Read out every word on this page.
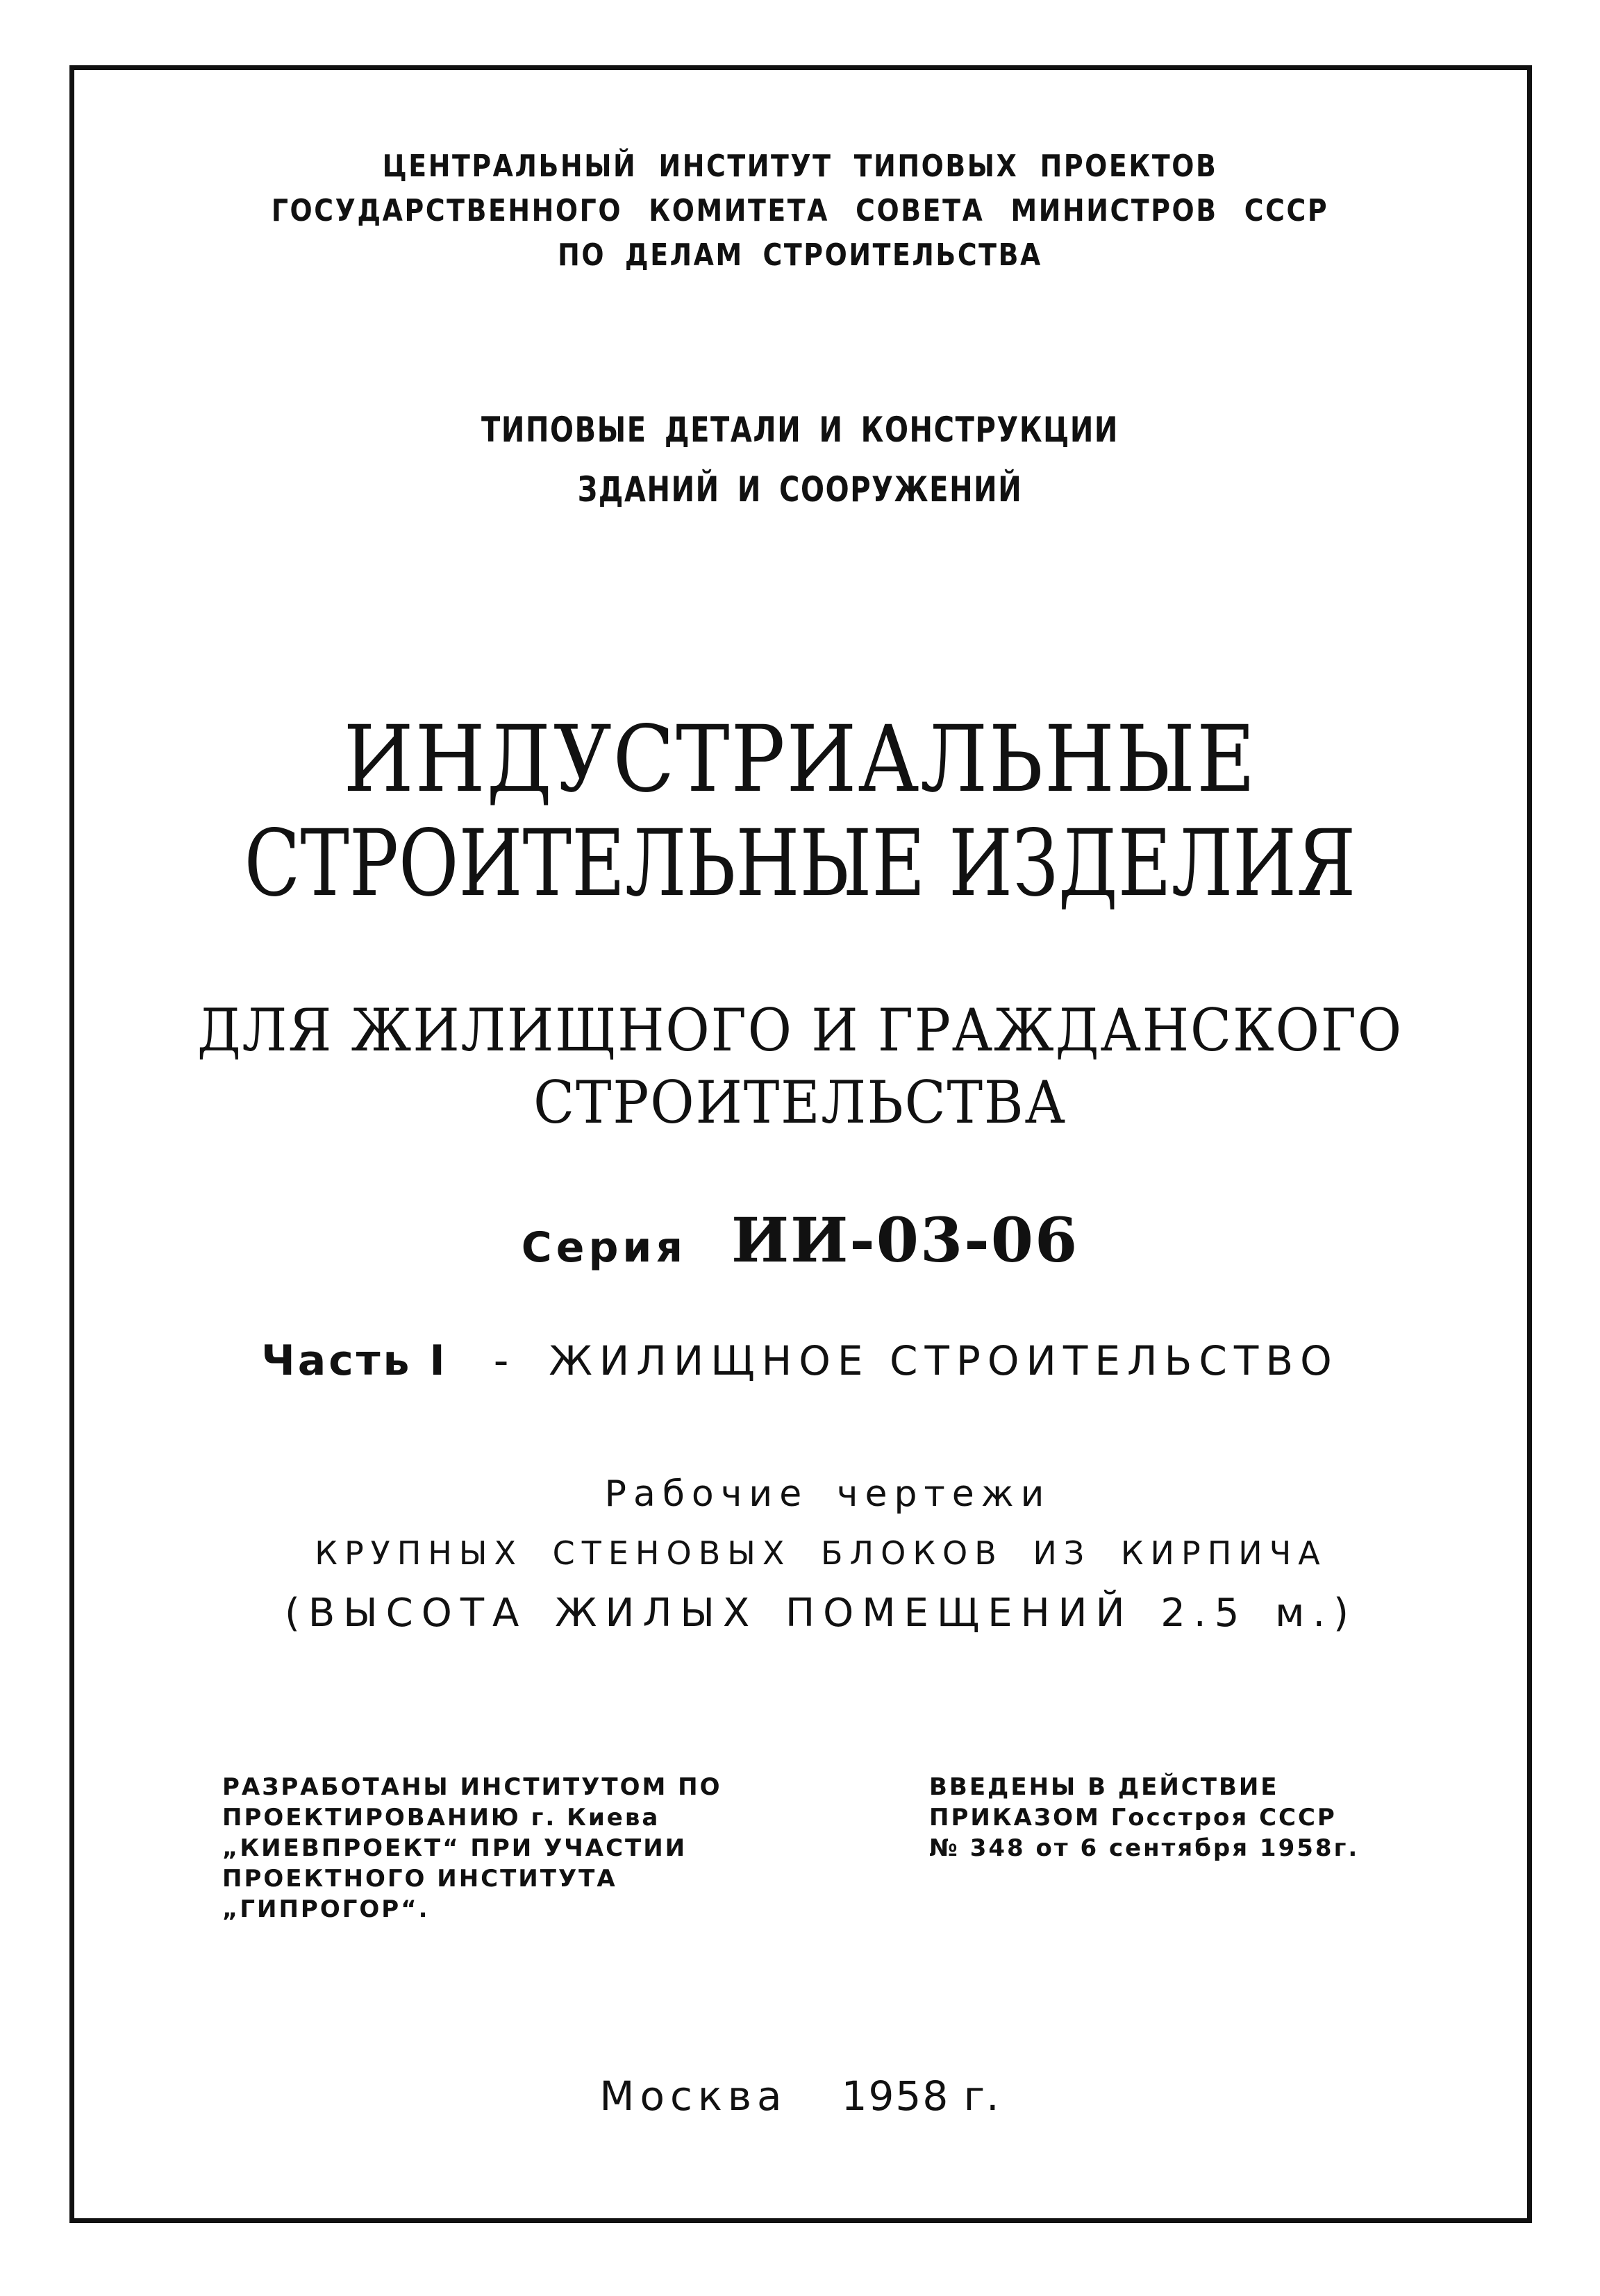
ЦЕНТРАЛЬНЫЙ ИНСТИТУТ ТИПОВЫХ ПРОЕКТОВ
ГОСУДАРСТВЕННОГО КОМИТЕТА СОВЕТА МИНИСТРОВ СССР
ПО ДЕЛАМ СТРОИТЕЛЬСТВА
ТИПОВЫЕ ДЕТАЛИ И КОНСТРУКЦИИ
ЗДАНИЙ И СООРУЖЕНИЙ
ИНДУСТРИАЛЬНЫЕ
СТРОИТЕЛЬНЫЕ ИЗДЕЛИЯ
ДЛЯ ЖИЛИЩНОГО И ГРАЖДАНСКОГО
СТРОИТЕЛЬСТВА
Серия ИИ-03-06
Часть I - ЖИЛИЩНОЕ СТРОИТЕЛЬСТВО
Рабочие чертежи
КРУПНЫХ СТЕНОВЫХ БЛОКОВ ИЗ КИРПИЧА
(ВЫСОТА ЖИЛЫХ ПОМЕЩЕНИЙ 2.5 м.)
РАЗРАБОТАНЫ ИНСТИТУТОМ ПО
ПРОЕКТИРОВАНИЮ г. Киева
„КИЕВПРОЕКТ“ ПРИ УЧАСТИИ
ПРОЕКТНОГО ИНСТИТУТА
„ГИПРОГОР“.
ВВЕДЕНЫ В ДЕЙСТВИЕ
ПРИКАЗОМ Госстроя СССР
№ 348 от 6 сентября 1958г.
Москва 1958 г.
